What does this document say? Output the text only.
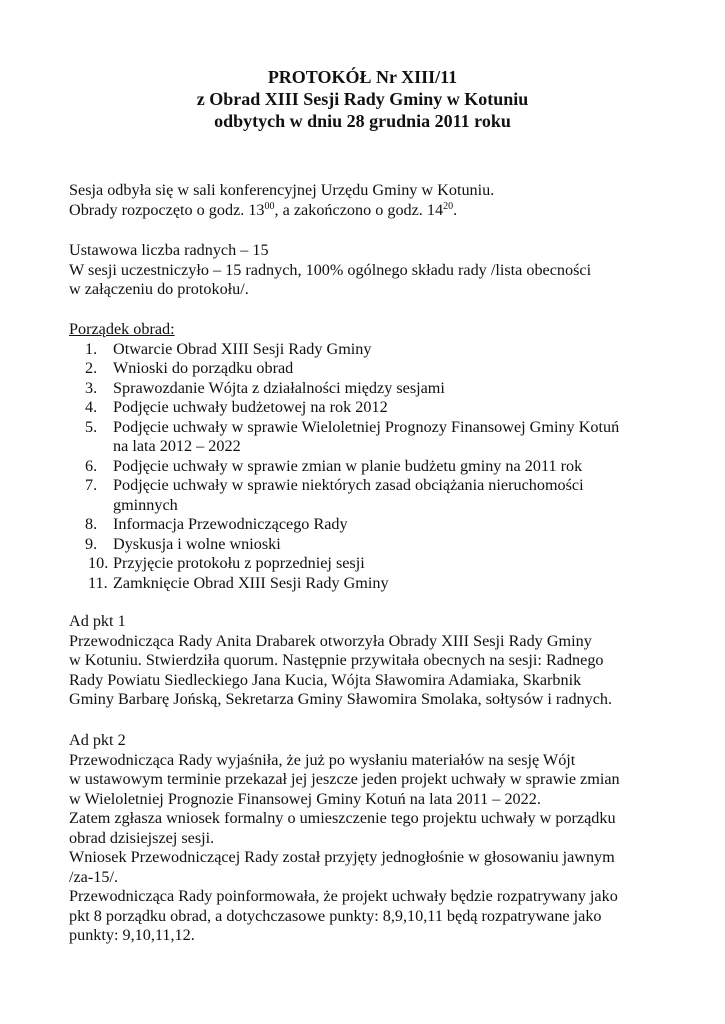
PROTOKÓŁ Nr XIII/11
z Obrad XIII Sesji Rady Gminy w Kotuniu
odbytych w dniu 28 grudnia 2011 roku

Sesja odbyła się w sali konferencyjnej Urzędu Gminy w Kotuniu.

Obrady rozpoczęto o godz. $13^{00}$, a zakończono o godz. $14^{20}$.

Ustawowa liczba radnych – 15

W sesji uczestniczyło – 15 radnych, 100% ogólnego składu rady /lista obecności

w załączeniu do protokołu/.

Porządek obrad:

1. Otwarcie Obrad XIII Sesji Rady Gminy
2. Wnioski do porządku obrad
3. Sprawozdanie Wójta z działalności między sesjami
4. Podjęcie uchwały budżetowej na rok 2012
5. Podjęcie uchwały w sprawie Wieloletniej Prognozy Finansowej Gminy Kotuń
na lata 2012 – 2022
6. Podjęcie uchwały w sprawie zmian w planie budżetu gminy na 2011 rok
7. Podjęcie uchwały w sprawie niektórych zasad obciążania nieruchomości
gminnych
8. Informacja Przewodniczącego Rady
9. Dyskusja i wolne wnioski
10. Przyjęcie protokołu z poprzedniej sesji
11. Zamknięcie Obrad XIII Sesji Rady Gminy

Ad pkt 1

Przewodnicząca Rady Anita Drabarek otworzyła Obrady XIII Sesji Rady Gminy

w Kotuniu. Stwierdziła quorum. Następnie przywitała obecnych na sesji: Radnego

Rady Powiatu Siedleckiego Jana Kucia, Wójta Sławomira Adamiaka, Skarbnik

Gminy Barbarę Jońską, Sekretarza Gminy Sławomira Smolaka, sołtysów i radnych.

Ad pkt 2

Przewodnicząca Rady wyjaśniła, że już po wysłaniu materiałów na sesję Wójt

w ustawowym terminie przekazał jej jeszcze jeden projekt uchwały w sprawie zmian

w Wieloletniej Prognozie Finansowej Gminy Kotuń na lata 2011 – 2022.

Zatem zgłasza wniosek formalny o umieszczenie tego projektu uchwały w porządku

obrad dzisiejszej sesji.

Wniosek Przewodniczącej Rady został przyjęty jednogłośnie w głosowaniu jawnym

/za-15/.

Przewodnicząca Rady poinformowała, że projekt uchwały będzie rozpatrywany jako

pkt 8 porządku obrad, a dotychczasowe punkty: 8,9,10,11 będą rozpatrywane jako

punkty: 9,10,11,12.
